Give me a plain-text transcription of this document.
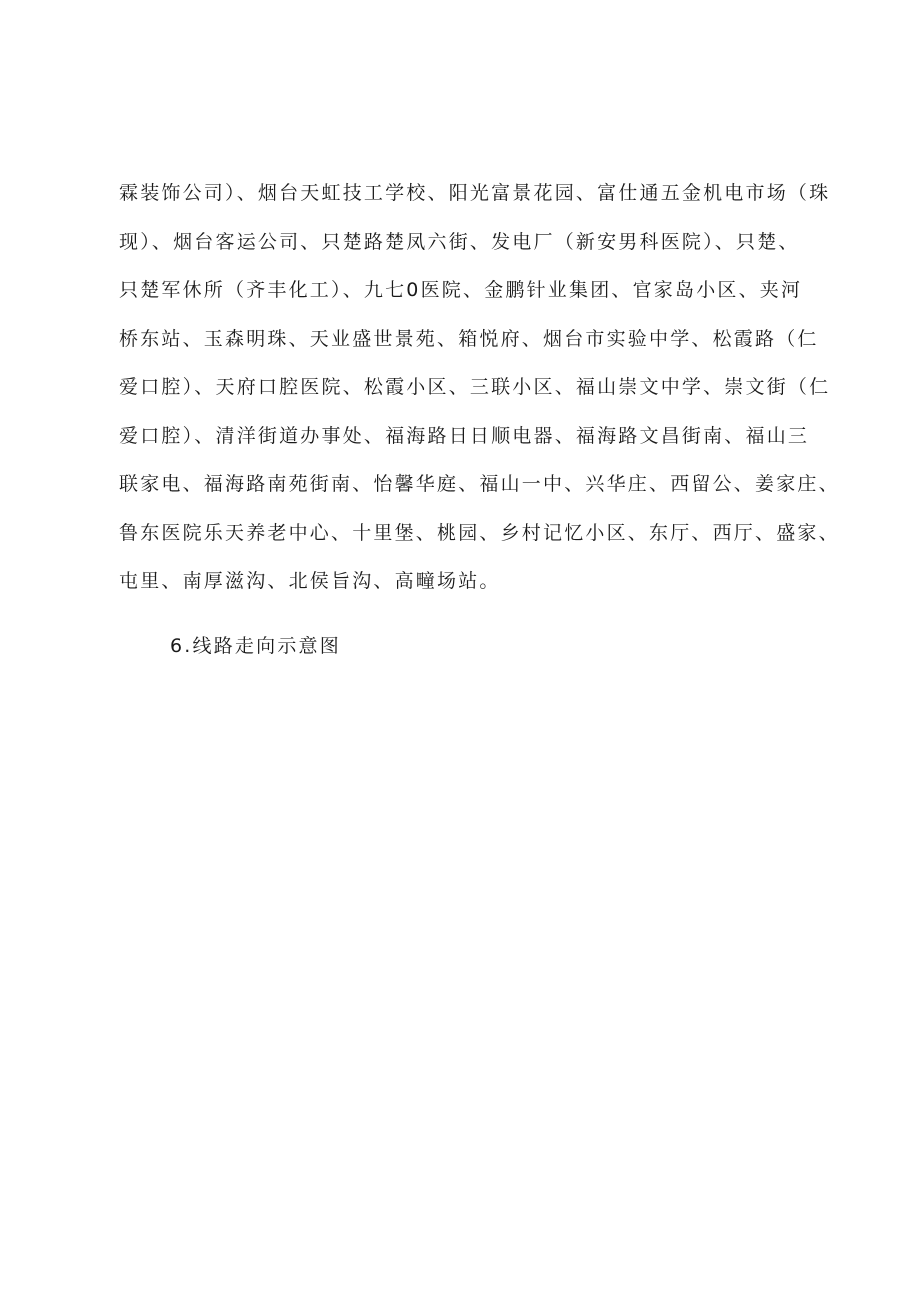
霖装饰公司）、烟台天虹技工学校、阳光富景花园、富仕通五金机电市场（珠
现）、烟台客运公司、只楚路楚凤六街、发电厂（新安男科医院）、只楚、
只楚军休所（齐丰化工）、九七0医院、金鹏针业集团、官家岛小区、夹河
桥东站、玉森明珠、天业盛世景苑、箱悦府、烟台市实验中学、松霞路（仁
爱口腔）、天府口腔医院、松霞小区、三联小区、福山崇文中学、崇文街（仁
爱口腔）、清洋街道办事处、福海路日日顺电器、福海路文昌街南、福山三
联家电、福海路南苑街南、怡馨华庭、福山一中、兴华庄、西留公、姜家庄、
鲁东医院乐天养老中心、十里堡、桃园、乡村记忆小区、东厅、西厅、盛家、
屯里、南厚滋沟、北侯旨沟、高疃场站。
6.线路走向示意图
